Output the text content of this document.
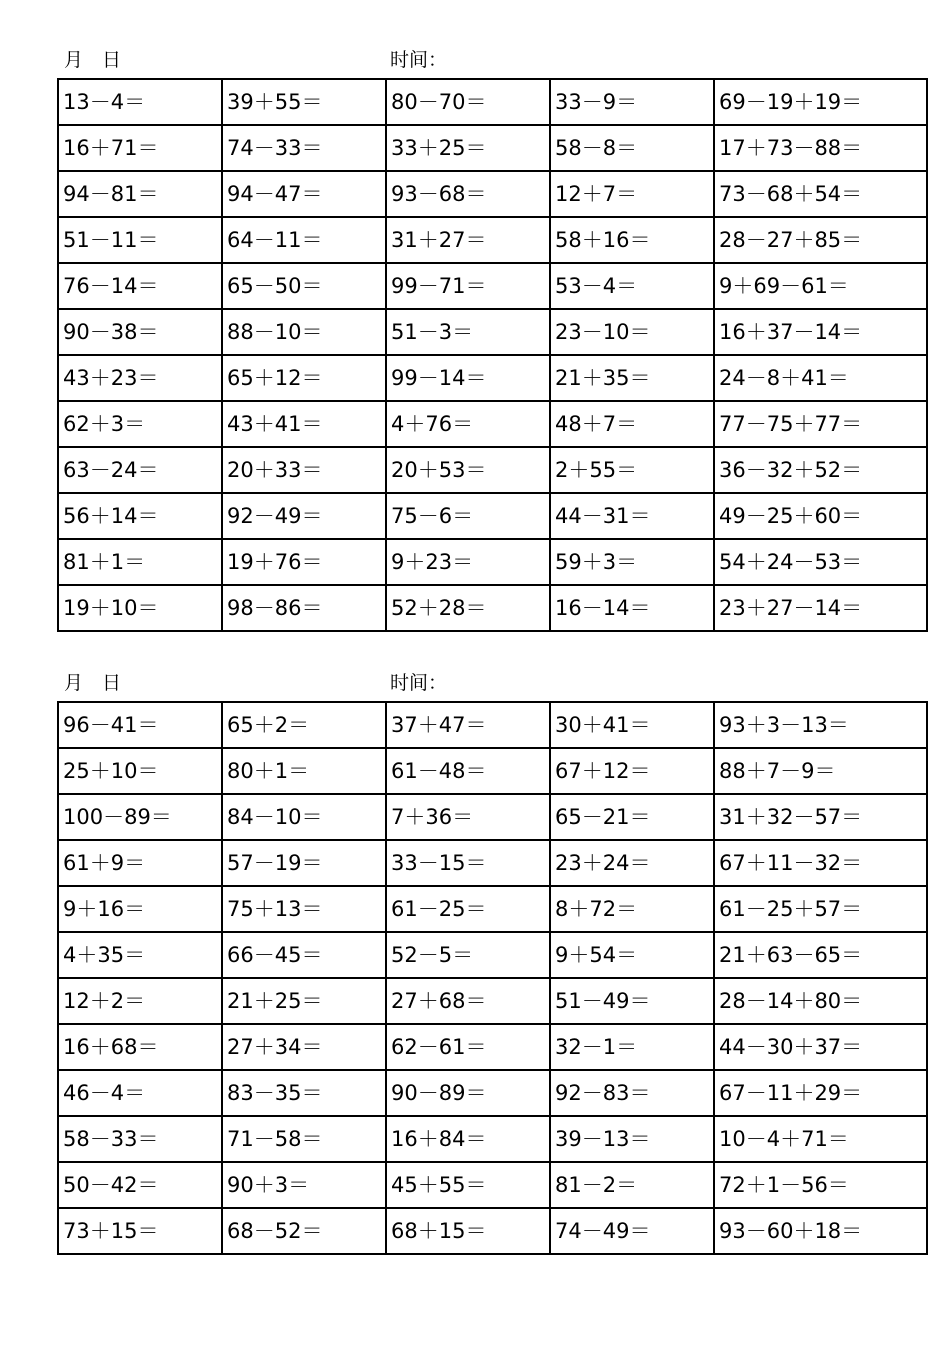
月　日	时间：
13－4＝	39＋55＝	80－70＝	33－9＝	69－19＋19＝
16＋71＝	74－33＝	33＋25＝	58－8＝	17＋73－88＝
94－81＝	94－47＝	93－68＝	12＋7＝	73－68＋54＝
51－11＝	64－11＝	31＋27＝	58＋16＝	28－27＋85＝
76－14＝	65－50＝	99－71＝	53－4＝	9＋69－61＝
90－38＝	88－10＝	51－3＝	23－10＝	16＋37－14＝
43＋23＝	65＋12＝	99－14＝	21＋35＝	24－8＋41＝
62＋3＝	43＋41＝	4＋76＝	48＋7＝	77－75＋77＝
63－24＝	20＋33＝	20＋53＝	2＋55＝	36－32＋52＝
56＋14＝	92－49＝	75－6＝	44－31＝	49－25＋60＝
81＋1＝	19＋76＝	9＋23＝	59＋3＝	54＋24－53＝
19＋10＝	98－86＝	52＋28＝	16－14＝	23＋27－14＝
月　日	时间：
96－41＝	65＋2＝	37＋47＝	30＋41＝	93＋3－13＝
25＋10＝	80＋1＝	61－48＝	67＋12＝	88＋7－9＝
100－89＝	84－10＝	7＋36＝	65－21＝	31＋32－57＝
61＋9＝	57－19＝	33－15＝	23＋24＝	67＋11－32＝
9＋16＝	75＋13＝	61－25＝	8＋72＝	61－25＋57＝
4＋35＝	66－45＝	52－5＝	9＋54＝	21＋63－65＝
12＋2＝	21＋25＝	27＋68＝	51－49＝	28－14＋80＝
16＋68＝	27＋34＝	62－61＝	32－1＝	44－30＋37＝
46－4＝	83－35＝	90－89＝	92－83＝	67－11＋29＝
58－33＝	71－58＝	16＋84＝	39－13＝	10－4＋71＝
50－42＝	90＋3＝	45＋55＝	81－2＝	72＋1－56＝
73＋15＝	68－52＝	68＋15＝	74－49＝	93－60＋18＝
